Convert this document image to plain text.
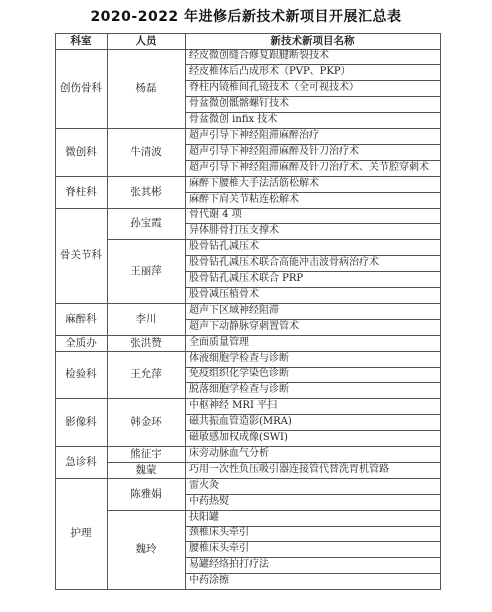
2020-2022 年进修后新技术新项目开展汇总表
科室	人员	新技术新项目名称
经皮微创缝合修复跟腱断裂技术
经皮椎体后凸成形术（PVP、PKP）
脊柱内镜椎间孔镜技术（全可视技术）
骨盆微创骶髂螺钉技术
骨盆微创 infix 技术
杨磊
创伤骨科
超声引导下神经阻滞麻醉治疗
超声引导下神经阻滞麻醉及针刀治疗术
超声引导下神经阻滞麻醉及针刀治疗术、关节腔穿刺术
牛清波
微创科
麻醉下腰椎大手法活筋松解术
麻醉下肩关节粘连松解术
张其彬
脊柱科
骨代谢 4 项
异体腓骨打压支撑术
孙宝霞
股骨钻孔减压术
股骨钻孔减压术联合高能冲击波骨病治疗术
股骨钻孔减压术联合 PRP
股骨减压植骨术
王丽萍
骨关节科
超声下区域神经阻滞
超声下动静脉穿刺置管术
李川
麻醉科
全面质量管理
张洪赞
全质办
体液细胞学检查与诊断
免疫组织化学染色诊断
脱落细胞学检查与诊断
王允萍
检验科
中枢神经 MRI 平扫
磁共振血管造影(MRA)
磁敏感加权成像(SWI)
韩金环
影像科
床旁动脉血气分析
熊征宇
巧用一次性负压吸引器连接管代替洗胃机管路
魏蒙
急诊科
雷火灸
中药热熨
陈雅娟
扶阳罐
颈椎床头牵引
腰椎床头牵引
易罐经络拍打疗法
中药涂擦
魏玲
护理
